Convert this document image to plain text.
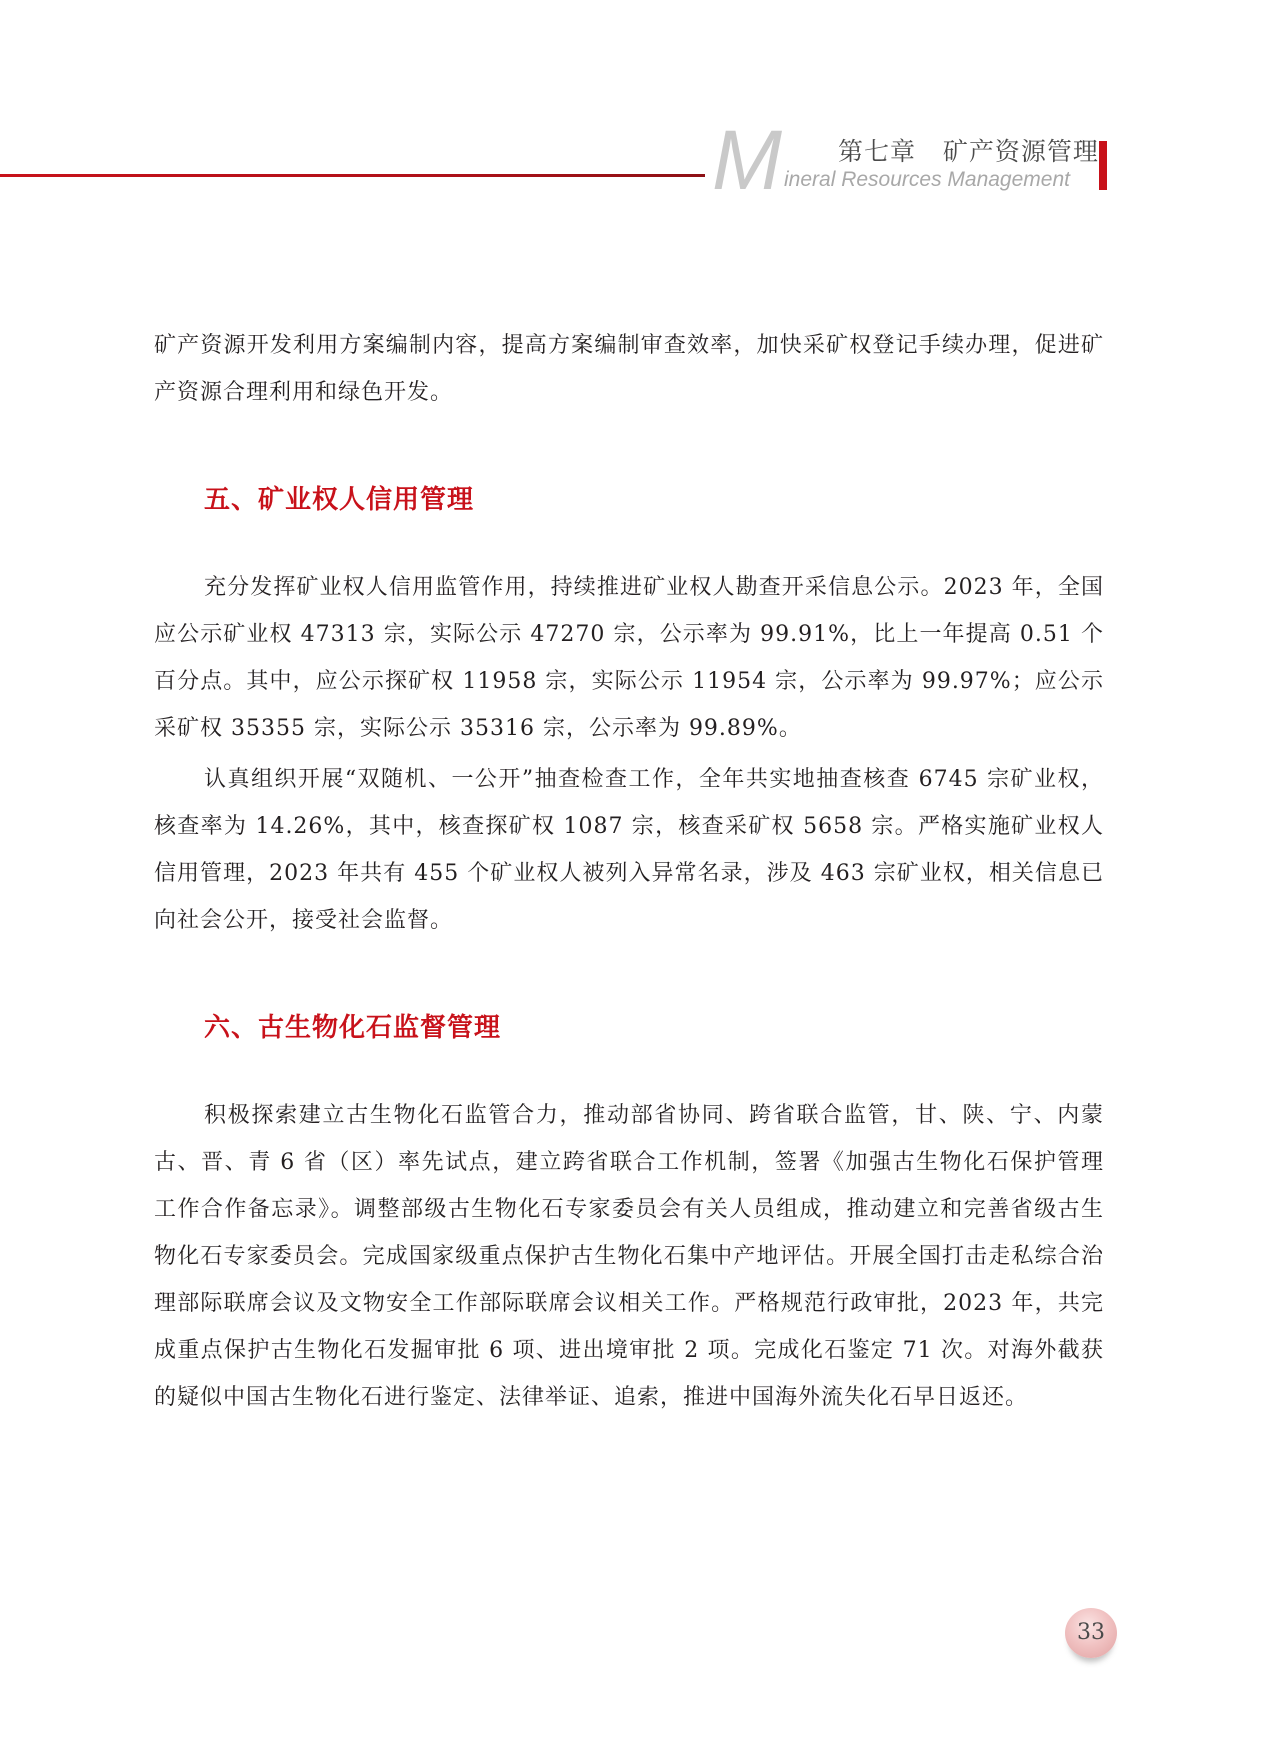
M 第七章   矿产资源管理
ineral Resources Management

矿产资源开发利用方案编制内容，提高方案编制审查效率，加快采矿权登记手续办理，促进矿产资源合理利用和绿色开发。

五、矿业权人信用管理

充分发挥矿业权人信用监管作用，持续推进矿业权人勘查开采信息公示。2023 年，全国应公示矿业权 47313 宗，实际公示 47270 宗，公示率为 99.91%，比上一年提高 0.51 个百分点。其中，应公示探矿权 11958 宗，实际公示 11954 宗，公示率为 99.97%；应公示采矿权 35355 宗，实际公示 35316 宗，公示率为 99.89%。

认真组织开展“双随机、一公开”抽查检查工作，全年共实地抽查核查 6745 宗矿业权，核查率为 14.26%，其中，核查探矿权 1087 宗，核查采矿权 5658 宗。严格实施矿业权人信用管理，2023 年共有 455 个矿业权人被列入异常名录，涉及 463 宗矿业权，相关信息已向社会公开，接受社会监督。

六、古生物化石监督管理

积极探索建立古生物化石监管合力，推动部省协同、跨省联合监管，甘、陕、宁、内蒙古、晋、青 6 省（区）率先试点，建立跨省联合工作机制，签署《加强古生物化石保护管理工作合作备忘录》。调整部级古生物化石专家委员会有关人员组成，推动建立和完善省级古生物化石专家委员会。完成国家级重点保护古生物化石集中产地评估。开展全国打击走私综合治理部际联席会议及文物安全工作部际联席会议相关工作。严格规范行政审批，2023 年，共完成重点保护古生物化石发掘审批 6 项、进出境审批 2 项。完成化石鉴定 71 次。对海外截获的疑似中国古生物化石进行鉴定、法律举证、追索，推进中国海外流失化石早日返还。

33
